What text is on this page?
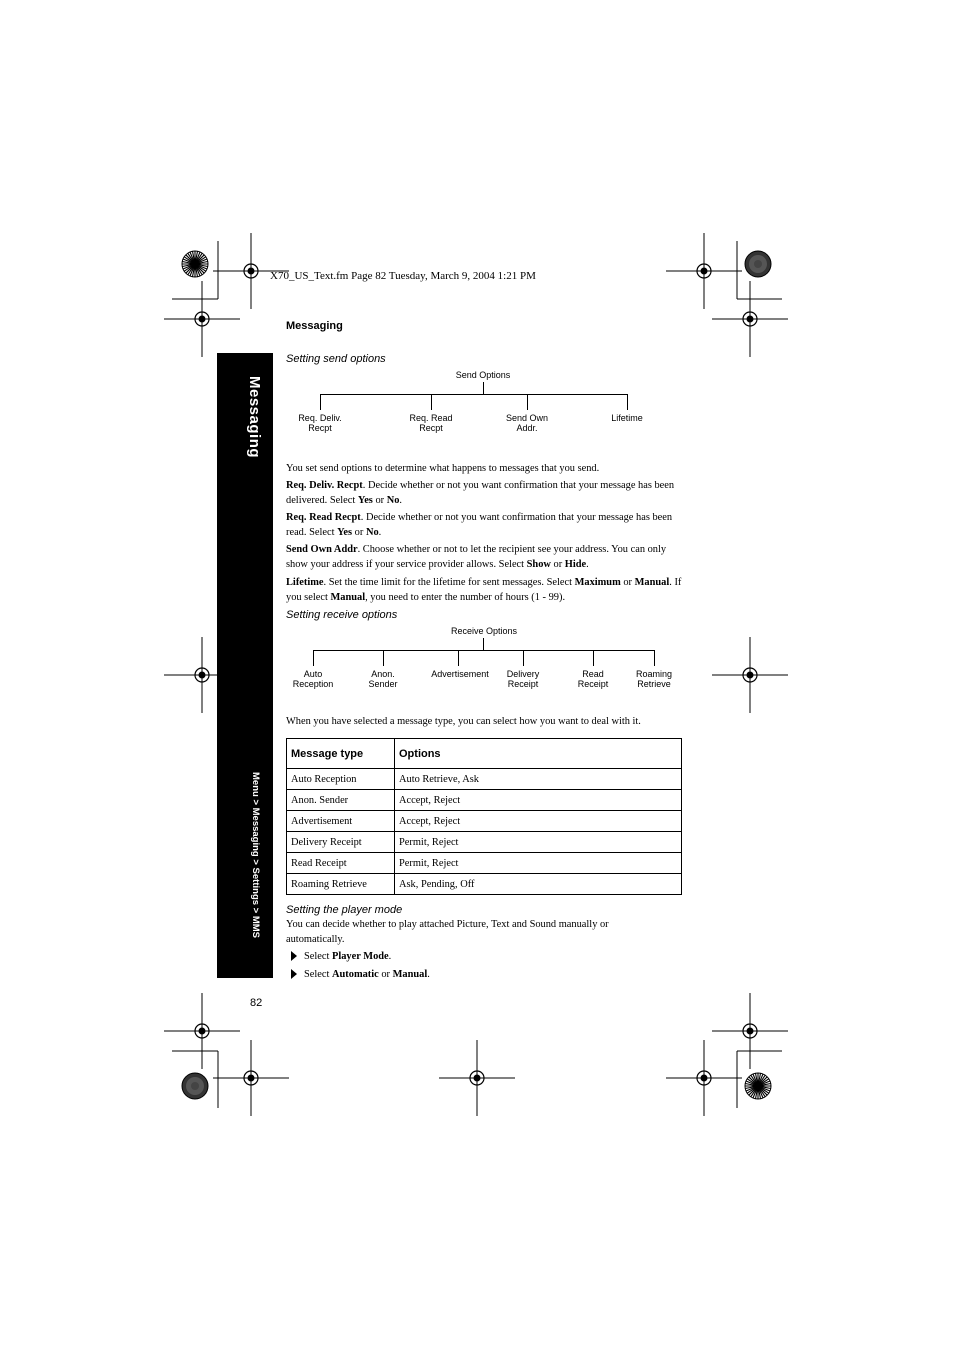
X70_US_Text.fm Page 82 Tuesday, March 9, 2004 1:21 PM
Messaging
Menu > Messaging > Settings > MMS
Messaging
Setting send options
Send Options
Req. Deliv.
Recpt
Req. Read
Recpt
Send Own
Addr.
Lifetime
You set send options to determine what happens to messages that you send.
Req. Deliv. Recpt. Decide whether or not you want confirmation that your message has been delivered. Select Yes or No.
Req. Read Recpt. Decide whether or not you want confirmation that your message has been read. Select Yes or No.
Send Own Addr. Choose whether or not to let the recipient see your address. You can only show your address if your service provider allows. Select Show or Hide.
Lifetime. Set the time limit for the lifetime for sent messages. Select Maximum or Manual. If you select Manual, you need to enter the number of hours (1 - 99).
Setting receive options
Receive Options
Auto
Reception
Anon.
Sender
Advertisement	Delivery
Receipt
Read
Receipt
Roaming
Retrieve
When you have selected a message type, you can select how you want to deal with it.
Message type	Options
Auto Reception	Auto Retrieve, Ask
Anon. Sender	Accept, Reject
Advertisement	Accept, Reject
Delivery Receipt	Permit, Reject
Read Receipt	Permit, Reject
Roaming Retrieve	Ask, Pending, Off
Setting the player mode
You can decide whether to play attached Picture, Text and Sound manually or automatically.
Select Player Mode.
Select Automatic or Manual.
82
